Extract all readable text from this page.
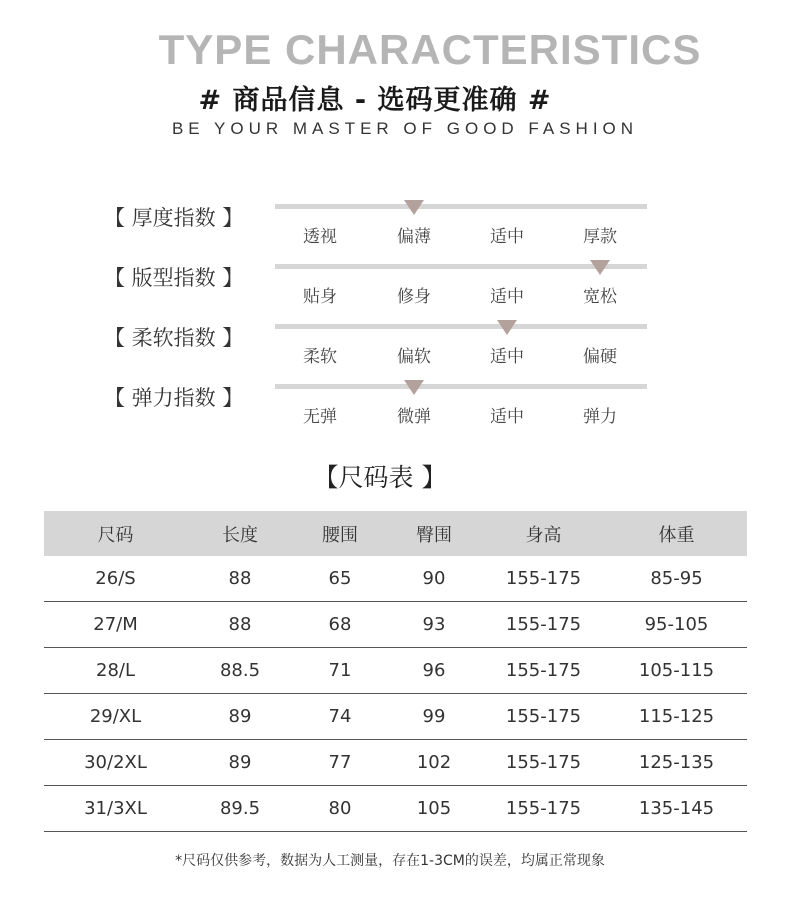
TYPE CHARACTERISTICS
# 商品信息 - 选码更准确 #
BE YOUR MASTER OF GOOD FASHION
【 厚度指数 】
透视	偏薄	适中	厚款
【 版型指数 】
贴身	修身	适中	宽松
【 柔软指数 】
柔软	偏软	适中	偏硬
【 弹力指数 】
无弹	微弹	适中	弹力
【尺码表 】
尺码	长度	腰围	臀围	身高	体重
26/S	88	65	90	155-175	85-95
27/M	88	68	93	155-175	95-105
28/L	88.5	71	96	155-175	105-115
29/XL	89	74	99	155-175	115-125
30/2XL	89	77	102	155-175	125-135
31/3XL	89.5	80	105	155-175	135-145
*尺码仅供参考，数据为人工测量，存在1-3CM的误差，均属正常现象
